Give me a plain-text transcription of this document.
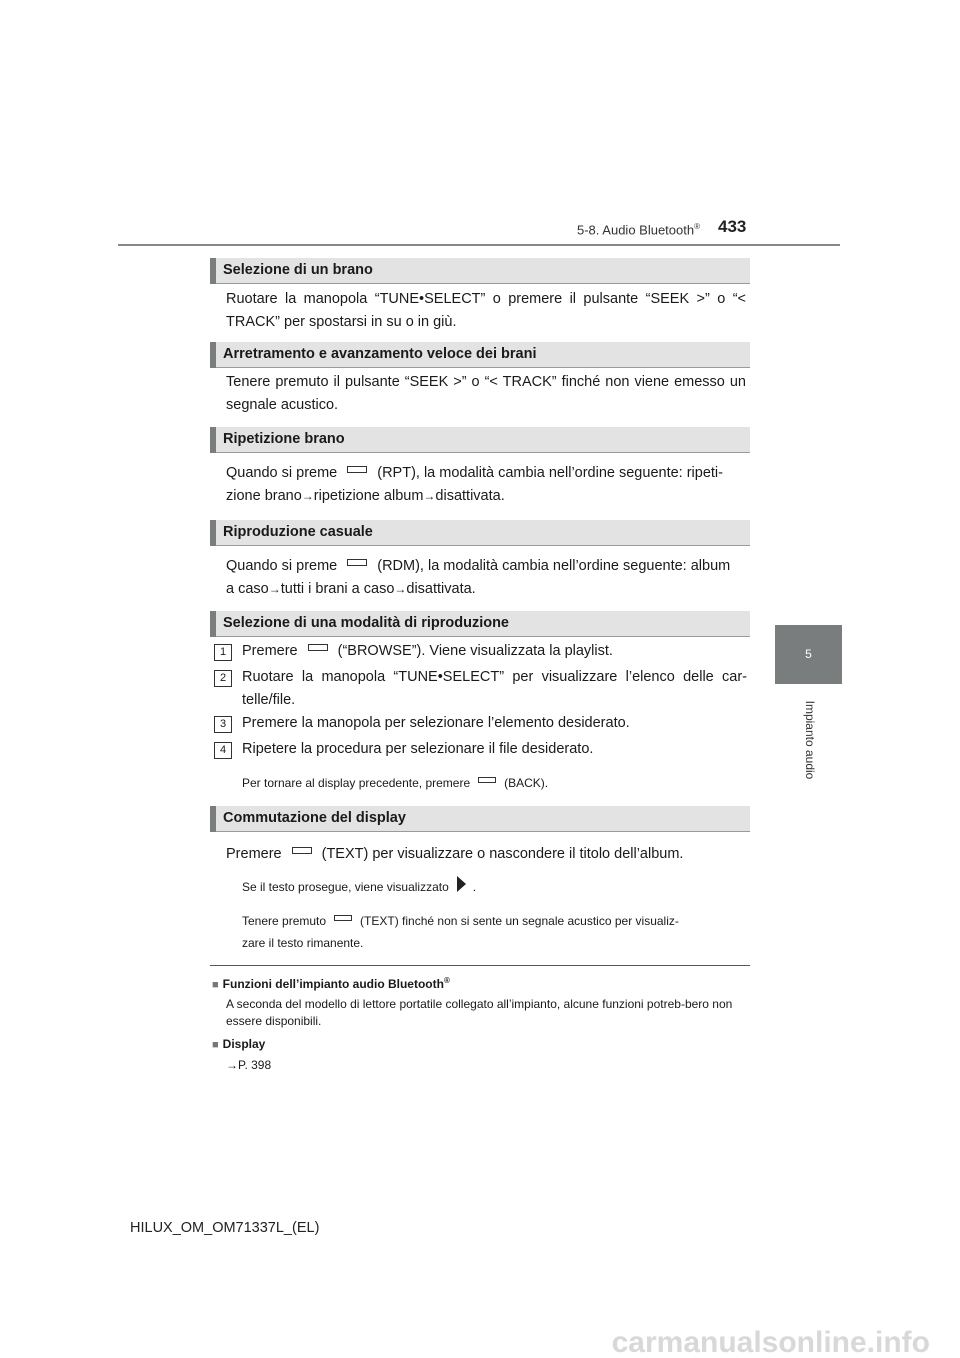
5-8. Audio Bluetooth® 433
5
Impianto audio
Selezione di un brano
Ruotare la manopola “TUNE•SELECT” o premere il pulsante “SEEK >” o “< TRACK” per spostarsi in su o in giù.
Arretramento e avanzamento veloce dei brani
Tenere premuto il pulsante “SEEK >” o “< TRACK” finché non viene emesso un segnale acustico.
Ripetizione brano
Quando si preme	(RPT), la modalità cambia nell’ordine seguente: ripeti-
zione brano→ripetizione album→disattivata.
Riproduzione casuale
Quando si preme	(RDM), la modalità cambia nell’ordine seguente: album
a caso→tutti i brani a caso→disattivata.
Selezione di una modalità di riproduzione
1	Premere	(“BROWSE”). Viene visualizzata la playlist.
2	Ruotare la manopola “TUNE•SELECT” per visualizzare l’elenco delle car-telle/file.
3	Premere la manopola per selezionare l’elemento desiderato.
4	Ripetere la procedura per selezionare il file desiderato.
Per tornare al display precedente, premere	(BACK).
Commutazione del display
Premere	(TEXT) per visualizzare o nascondere il titolo dell’album.
Se il testo prosegue, viene visualizzato .
Tenere premuto	(TEXT) finché non si sente un segnale acustico per visualiz-
zare il testo rimanente.
■ Funzioni dell’impianto audio Bluetooth®
A seconda del modello di lettore portatile collegato all’impianto, alcune funzioni potreb-bero non essere disponibili.
■ Display
→P. 398
HILUX_OM_OM71337L_(EL)
carmanualsonline.info
